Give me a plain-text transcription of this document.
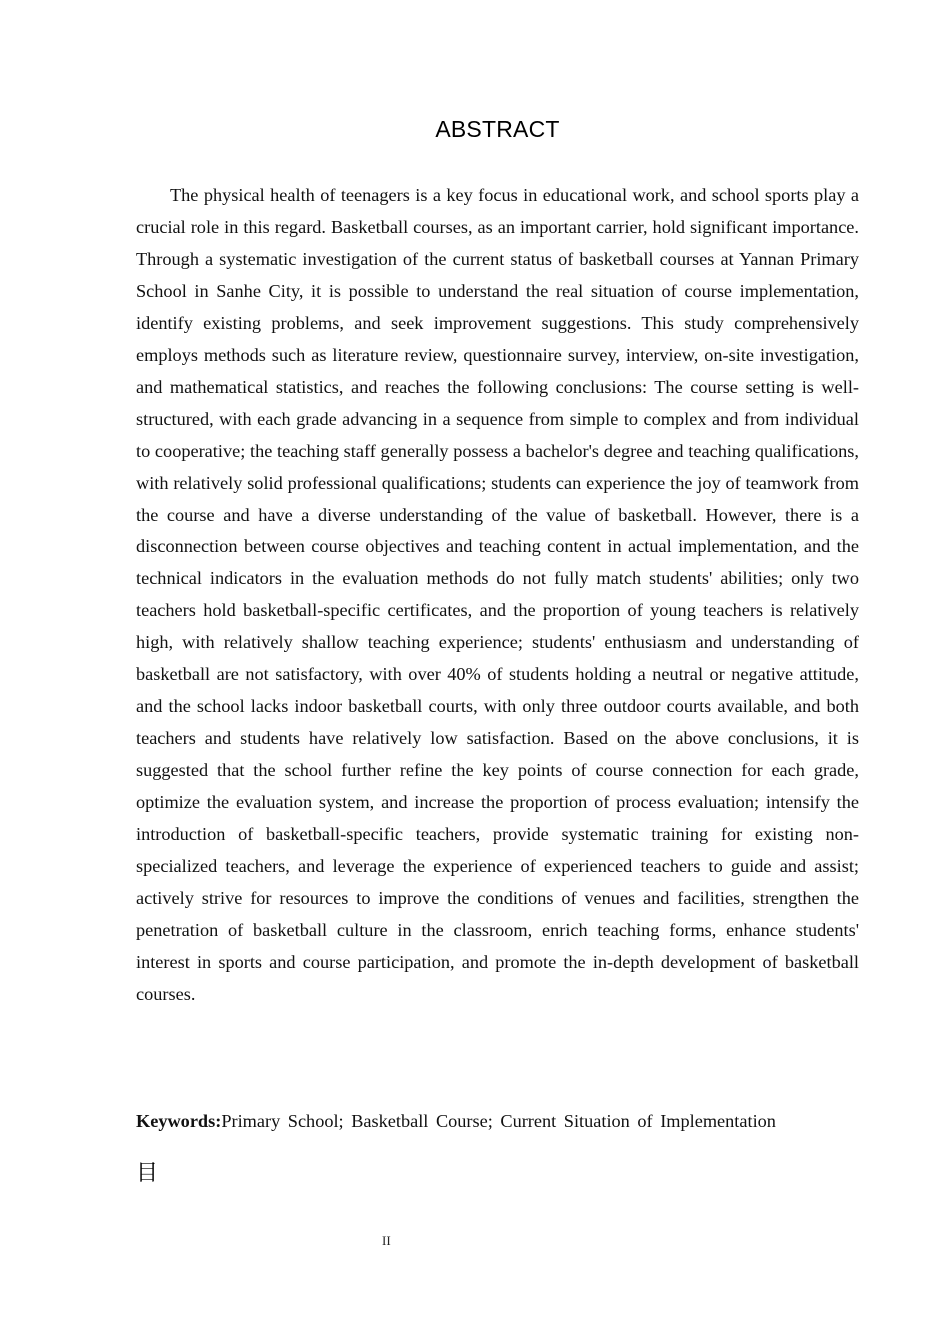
ABSTRACT

The physical health of teenagers is a key focus in educational work, and school sports play a crucial role in this regard. Basketball courses, as an important carrier, hold significant importance. Through a systematic investigation of the current status of basketball courses at Yannan Primary School in Sanhe City, it is possible to understand the real situation of course implementation, identify existing problems, and seek improvement suggestions. This study comprehensively employs methods such as literature review, questionnaire survey, interview, on-site investigation, and mathematical statistics, and reaches the following conclusions: The course setting is well-structured, with each grade advancing in a sequence from simple to complex and from individual to cooperative; the teaching staff generally possess a bachelor's degree and teaching qualifications, with relatively solid professional qualifications; students can experience the joy of teamwork from the course and have a diverse understanding of the value of basketball. However, there is a disconnection between course objectives and teaching content in actual implementation, and the technical indicators in the evaluation methods do not fully match students' abilities; only two teachers hold basketball-specific certificates, and the proportion of young teachers is relatively high, with relatively shallow teaching experience; students' enthusiasm and understanding of basketball are not satisfactory, with over 40% of students holding a neutral or negative attitude, and the school lacks indoor basketball courts, with only three outdoor courts available, and both teachers and students have relatively low satisfaction. Based on the above conclusions, it is suggested that the school further refine the key points of course connection for each grade, optimize the evaluation system, and increase the proportion of process evaluation; intensify the introduction of basketball-specific teachers, provide systematic training for existing non-specialized teachers, and leverage the experience of experienced teachers to guide and assist; actively strive for resources to improve the conditions of venues and facilities, strengthen the penetration of basketball culture in the classroom, enrich teaching forms, enhance students' interest in sports and course participation, and promote the in-depth development of basketball courses.

Keywords:Primary School; Basketball Course; Current Situation of Implementation

目
II
